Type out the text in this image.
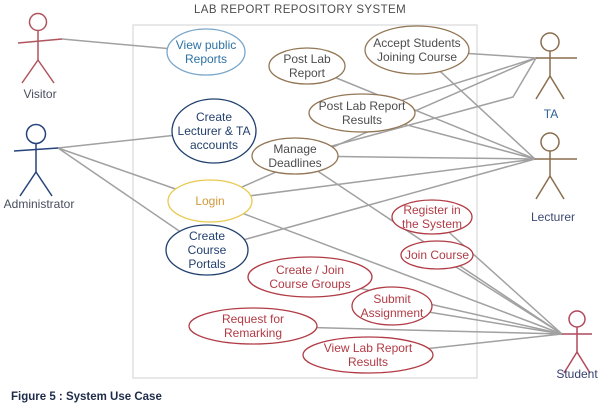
View public Reports	Post Lab Report
Accept Students Joining Course
Post Lab Report Results
Manage Deadlines
Create Lecturer & TA accounts
Login
Create Course Portals
Register in the System
Join Course
Create / Join Course Groups
Submit Assignment
Request for Remarking
View Lab Report Results
Visitor
Administrator
TA
Lecturer
Student
LAB REPORT REPOSITORY SYSTEM
Figure 5 : System Use Case
